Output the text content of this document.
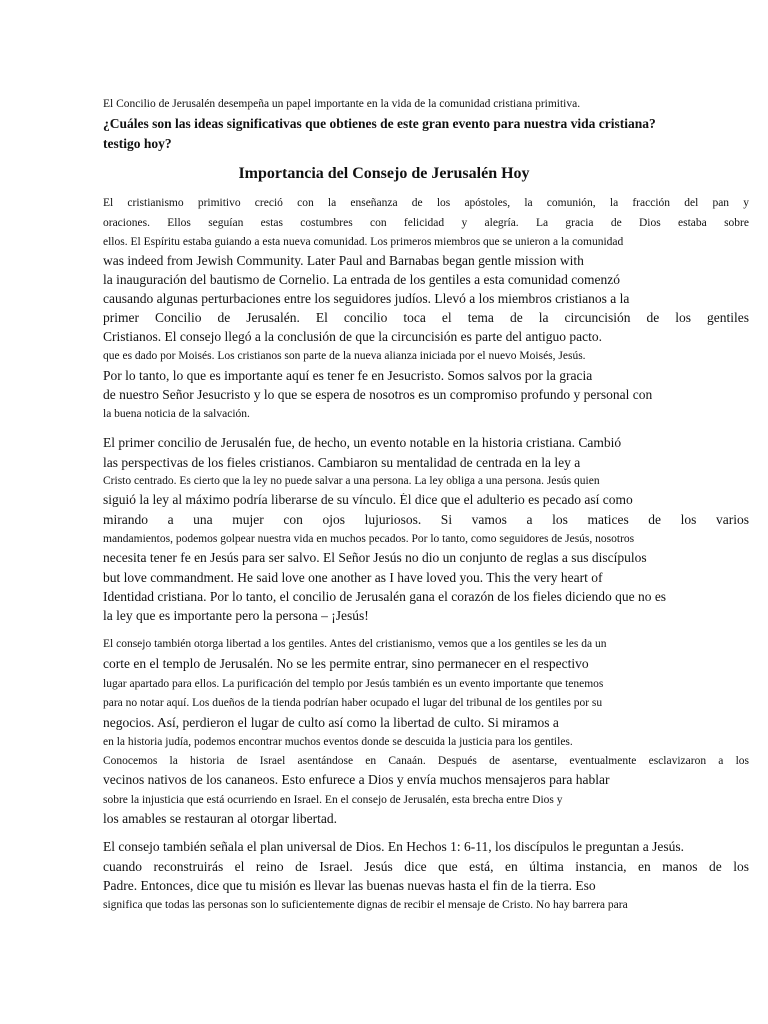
El Concilio de Jerusalén desempeña un papel importante en la vida de la comunidad cristiana primitiva.
¿Cuáles son las ideas significativas que obtienes de este gran evento para nuestra vida cristiana?
testigo hoy?
Importancia del Consejo de Jerusalén Hoy
El cristianismo primitivo creció con la enseñanza de los apóstoles, la comunión, la fracción del pan y
oraciones. Ellos seguían estas costumbres con felicidad y alegría. La gracia de Dios estaba sobre
ellos. El Espíritu estaba guiando a esta nueva comunidad. Los primeros miembros que se unieron a la comunidad
was indeed from Jewish Community. Later Paul and Barnabas began gentle mission with
la inauguración del bautismo de Cornelio. La entrada de los gentiles a esta comunidad comenzó
causando algunas perturbaciones entre los seguidores judíos. Llevó a los miembros cristianos a la
primer Concilio de Jerusalén. El concilio toca el tema de la circuncisión de los gentiles
Cristianos. El consejo llegó a la conclusión de que la circuncisión es parte del antiguo pacto.
que es dado por Moisés. Los cristianos son parte de la nueva alianza iniciada por el nuevo Moisés, Jesús.
Por lo tanto, lo que es importante aquí es tener fe en Jesucristo. Somos salvos por la gracia
de nuestro Señor Jesucristo y lo que se espera de nosotros es un compromiso profundo y personal con
la buena noticia de la salvación.
El primer concilio de Jerusalén fue, de hecho, un evento notable en la historia cristiana. Cambió
las perspectivas de los fieles cristianos. Cambiaron su mentalidad de centrada en la ley a
Cristo centrado. Es cierto que la ley no puede salvar a una persona. La ley obliga a una persona. Jesús quien
siguió la ley al máximo podría liberarse de su vínculo. Él dice que el adulterio es pecado así como
mirando a una mujer con ojos lujuriosos. Si vamos a los matices de los varios
mandamientos, podemos golpear nuestra vida en muchos pecados. Por lo tanto, como seguidores de Jesús, nosotros
necesita tener fe en Jesús para ser salvo. El Señor Jesús no dio un conjunto de reglas a sus discípulos
but love commandment. He said love one another as I have loved you. This the very heart of
Identidad cristiana. Por lo tanto, el concilio de Jerusalén gana el corazón de los fieles diciendo que no es
la ley que es importante pero la persona – ¡Jesús!
El consejo también otorga libertad a los gentiles. Antes del cristianismo, vemos que a los gentiles se les da un
corte en el templo de Jerusalén. No se les permite entrar, sino permanecer en el respectivo
lugar apartado para ellos. La purificación del templo por Jesús también es un evento importante que tenemos
para no notar aquí. Los dueños de la tienda podrían haber ocupado el lugar del tribunal de los gentiles por su
negocios. Así, perdieron el lugar de culto así como la libertad de culto. Si miramos a
en la historia judía, podemos encontrar muchos eventos donde se descuida la justicia para los gentiles.
Conocemos la historia de Israel asentándose en Canaán. Después de asentarse, eventualmente esclavizaron a los
vecinos nativos de los cananeos. Esto enfurece a Dios y envía muchos mensajeros para hablar
sobre la injusticia que está ocurriendo en Israel. En el consejo de Jerusalén, esta brecha entre Dios y
los amables se restauran al otorgar libertad.
El consejo también señala el plan universal de Dios. En Hechos 1: 6-11, los discípulos le preguntan a Jesús.
cuando reconstruirás el reino de Israel. Jesús dice que está, en última instancia, en manos de los
Padre. Entonces, dice que tu misión es llevar las buenas nuevas hasta el fin de la tierra. Eso
significa que todas las personas son lo suficientemente dignas de recibir el mensaje de Cristo. No hay barrera para
